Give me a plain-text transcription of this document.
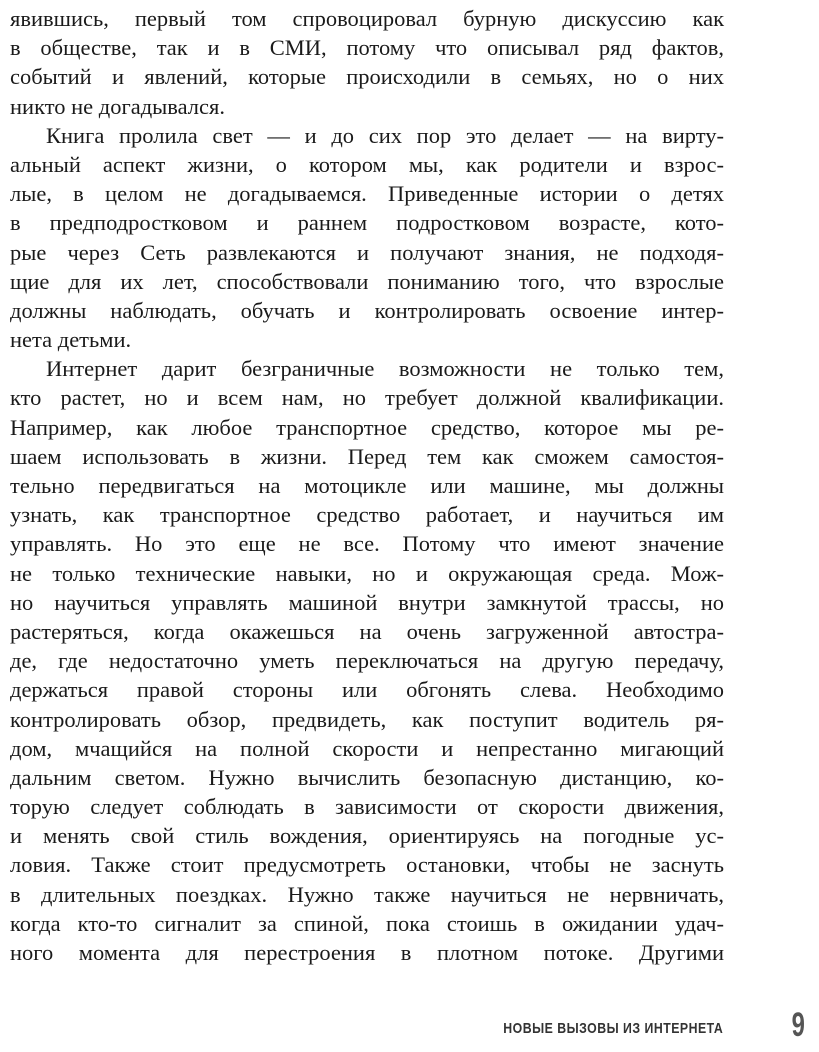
явившись, первый том спровоцировал бурную дискуссию как
в обществе, так и в СМИ, потому что описывал ряд фактов,
событий и явлений, которые происходили в семьях, но о них
никто не догадывался.
Книга пролила свет — и до сих пор это делает — на вирту-
альный аспект жизни, о котором мы, как родители и взрос-
лые, в целом не догадываемся. Приведенные истории о детях
в предподростковом и раннем подростковом возрасте, кото-
рые через Сеть развлекаются и получают знания, не подходя-
щие для их лет, способствовали пониманию того, что взрослые
должны наблюдать, обучать и контролировать освоение интер-
нета детьми.
Интернет дарит безграничные возможности не только тем,
кто растет, но и всем нам, но требует должной квалификации.
Например, как любое транспортное средство, которое мы ре-
шаем использовать в жизни. Перед тем как сможем самостоя-
тельно передвигаться на мотоцикле или машине, мы должны
узнать, как транспортное средство работает, и научиться им
управлять. Но это еще не все. Потому что имеют значение
не только технические навыки, но и окружающая среда. Мож-
но научиться управлять машиной внутри замкнутой трассы, но
растеряться, когда окажешься на очень загруженной автостра-
де, где недостаточно уметь переключаться на другую передачу,
держаться правой стороны или обгонять слева. Необходимо
контролировать обзор, предвидеть, как поступит водитель ря-
дом, мчащийся на полной скорости и непрестанно мигающий
дальним светом. Нужно вычислить безопасную дистанцию, ко-
торую следует соблюдать в зависимости от скорости движения,
и менять свой стиль вождения, ориентируясь на погодные ус-
ловия. Также стоит предусмотреть остановки, чтобы не заснуть
в длительных поездках. Нужно также научиться не нервничать,
когда кто-то сигналит за спиной, пока стоишь в ожидании удач-
ного момента для перестроения в плотном потоке. Другими
НОВЫЕ ВЫЗОВЫ ИЗ ИНТЕРНЕТА 9
